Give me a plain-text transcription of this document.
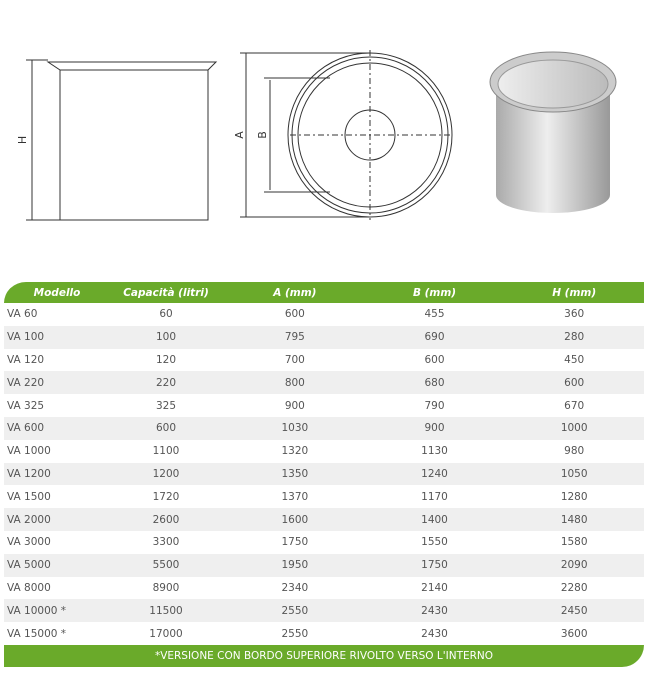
H
A B
Modello	Capacità (litri)	A (mm)	B (mm)	H (mm)
VA 60	60	600	455	360
VA 100	100	795	690	280
VA 120	120	700	600	450
VA 220	220	800	680	600
VA 325	325	900	790	670
VA 600	600	1030	900	1000
VA 1000	1100	1320	1130	980
VA 1200	1200	1350	1240	1050
VA 1500	1720	1370	1170	1280
VA 2000	2600	1600	1400	1480
VA 3000	3300	1750	1550	1580
VA 5000	5500	1950	1750	2090
VA 8000	8900	2340	2140	2280
VA 10000 *	11500	2550	2430	2450
VA 15000 *	17000	2550	2430	3600
*VERSIONE CON BORDO SUPERIORE RIVOLTO VERSO L'INTERNO
